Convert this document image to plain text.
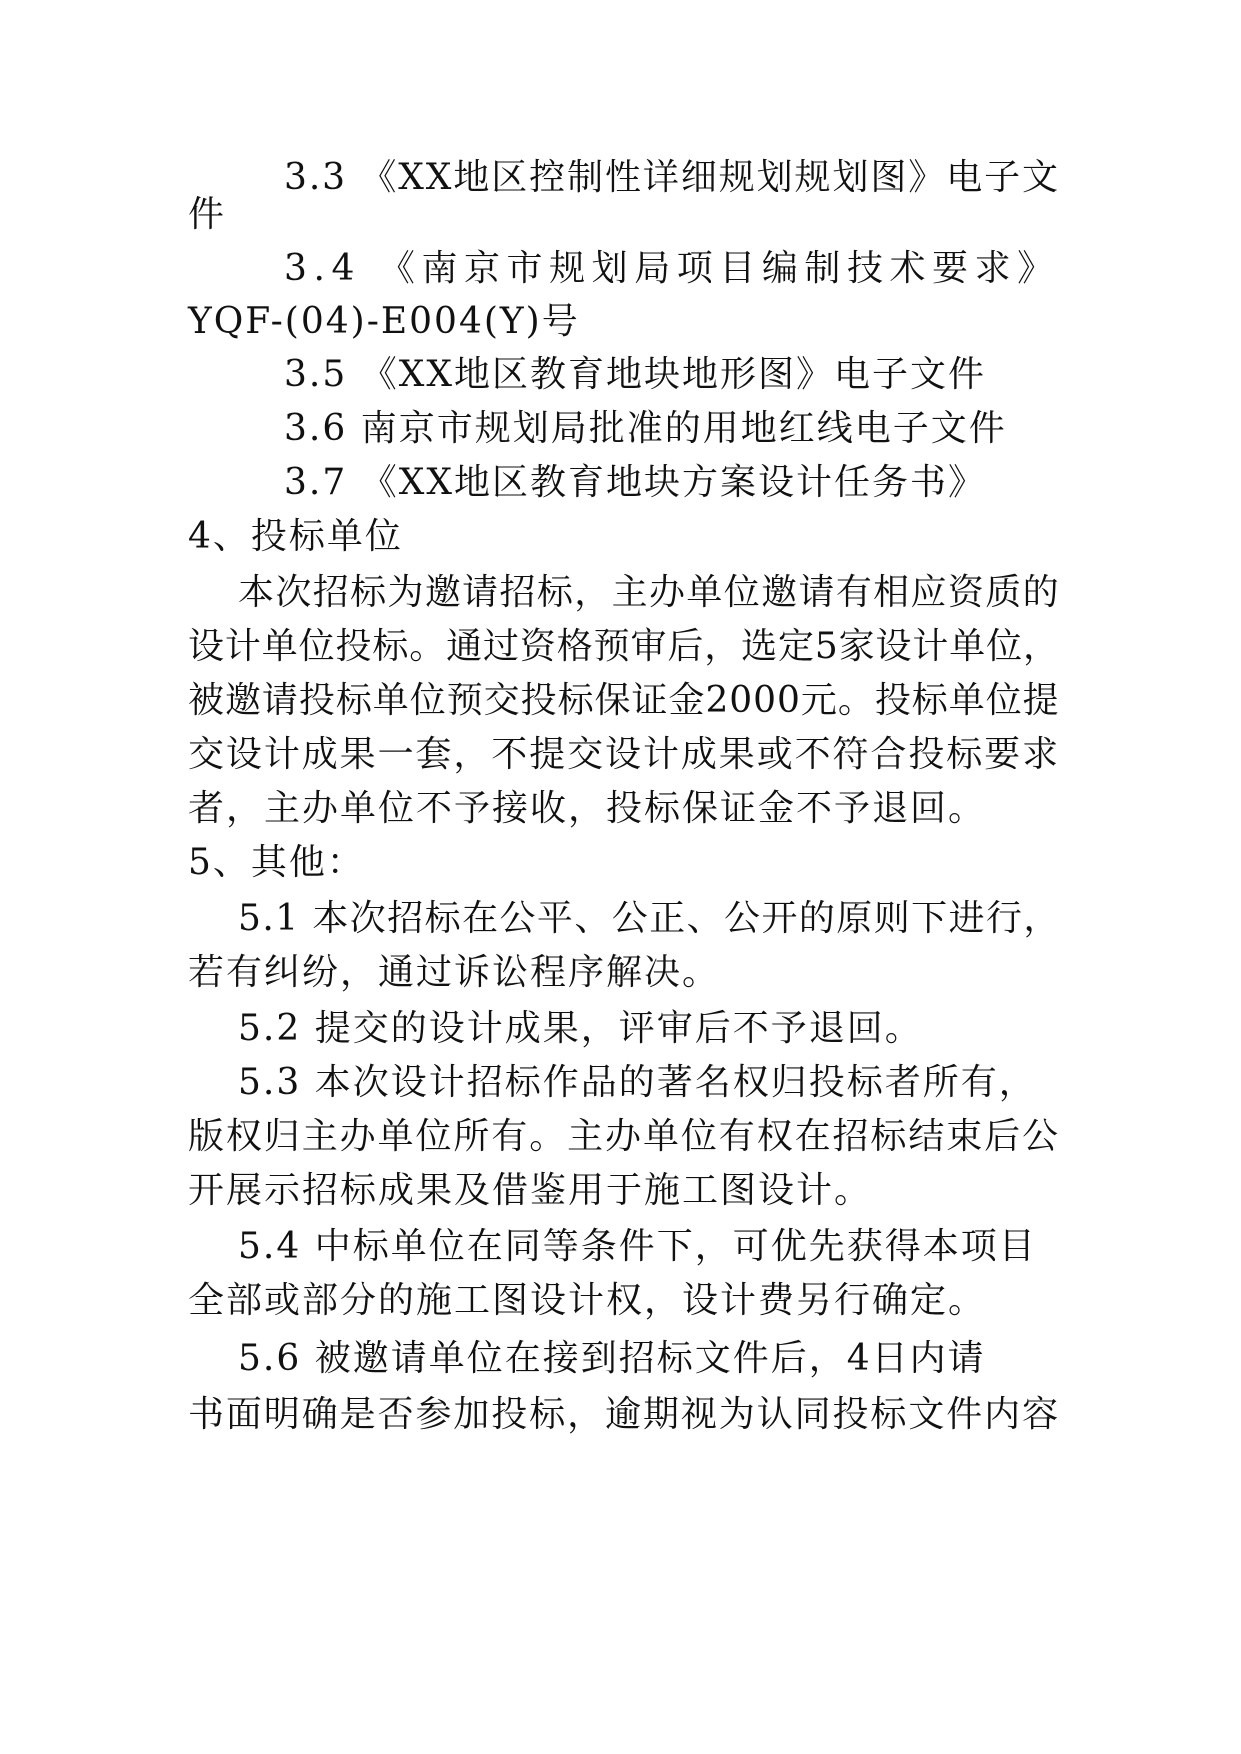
3.3 《XX地区控制性详细规划规划图》电子文
件
3.4 《南京市规划局项目编制技术要求》
YQF-(04)-E004(Y)号
3.5 《XX地区教育地块地形图》电子文件
3.6 南京市规划局批准的用地红线电子文件
3.7 《XX地区教育地块方案设计任务书》
4、投标单位
本次招标为邀请招标，主办单位邀请有相应资质的
设计单位投标。通过资格预审后，选定5家设计单位，
被邀请投标单位预交投标保证金2000元。投标单位提
交设计成果一套，不提交设计成果或不符合投标要求
者，主办单位不予接收，投标保证金不予退回。
5、其他：
5.1 本次招标在公平、公正、公开的原则下进行，
若有纠纷，通过诉讼程序解决。
5.2 提交的设计成果，评审后不予退回。
5.3 本次设计招标作品的著名权归投标者所有，
版权归主办单位所有。主办单位有权在招标结束后公
开展示招标成果及借鉴用于施工图设计。
5.4 中标单位在同等条件下，可优先获得本项目
全部或部分的施工图设计权，设计费另行确定。
5.6 被邀请单位在接到招标文件后，4日内请
书面明确是否参加投标，逾期视为认同投标文件内容
